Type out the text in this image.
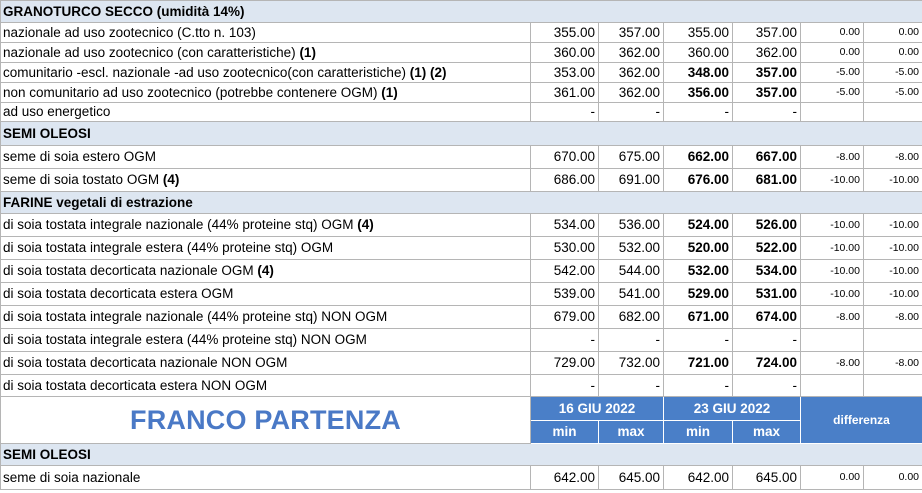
GRANOTURCO SECCO (umidità 14%)						
nazionale ad uso zootecnico (C.tto n. 103)	355.00	357.00	355.00	357.00	0.00	0.00
nazionale ad uso zootecnico (con caratteristiche) (1)	360.00	362.00	360.00	362.00	0.00	0.00
comunitario -escl. nazionale -ad uso zootecnico(con caratteristiche) (1) (2)	353.00	362.00	348.00	357.00	-5.00	-5.00
non comunitario ad uso zootecnico (potrebbe contenere OGM) (1)	361.00	362.00	356.00	357.00	-5.00	-5.00
ad uso energetico	-	-	-	-		
SEMI OLEOSI						
seme di soia estero OGM	670.00	675.00	662.00	667.00	-8.00	-8.00
seme di soia tostato OGM (4)	686.00	691.00	676.00	681.00	-10.00	-10.00
FARINE vegetali di estrazione						
di soia tostata integrale nazionale (44% proteine stq) OGM (4)	534.00	536.00	524.00	526.00	-10.00	-10.00
di soia tostata integrale estera (44% proteine stq) OGM	530.00	532.00	520.00	522.00	-10.00	-10.00
di soia tostata decorticata nazionale OGM (4)	542.00	544.00	532.00	534.00	-10.00	-10.00
di soia tostata decorticata estera OGM	539.00	541.00	529.00	531.00	-10.00	-10.00
di soia tostata integrale nazionale (44% proteine stq) NON OGM	679.00	682.00	671.00	674.00	-8.00	-8.00
di soia tostata integrale estera (44% proteine stq) NON OGM	-	-	-	-		
di soia tostata decorticata nazionale NON OGM	729.00	732.00	721.00	724.00	-8.00	-8.00
di soia tostata decorticata estera NON OGM	-	-	-	-		
FRANCO PARTENZA	16 GIU 2022		23 GIU 2022		differenza	
	min	max	min	max		
SEMI OLEOSI						
seme di soia nazionale	642.00	645.00	642.00	645.00	0.00	0.00
